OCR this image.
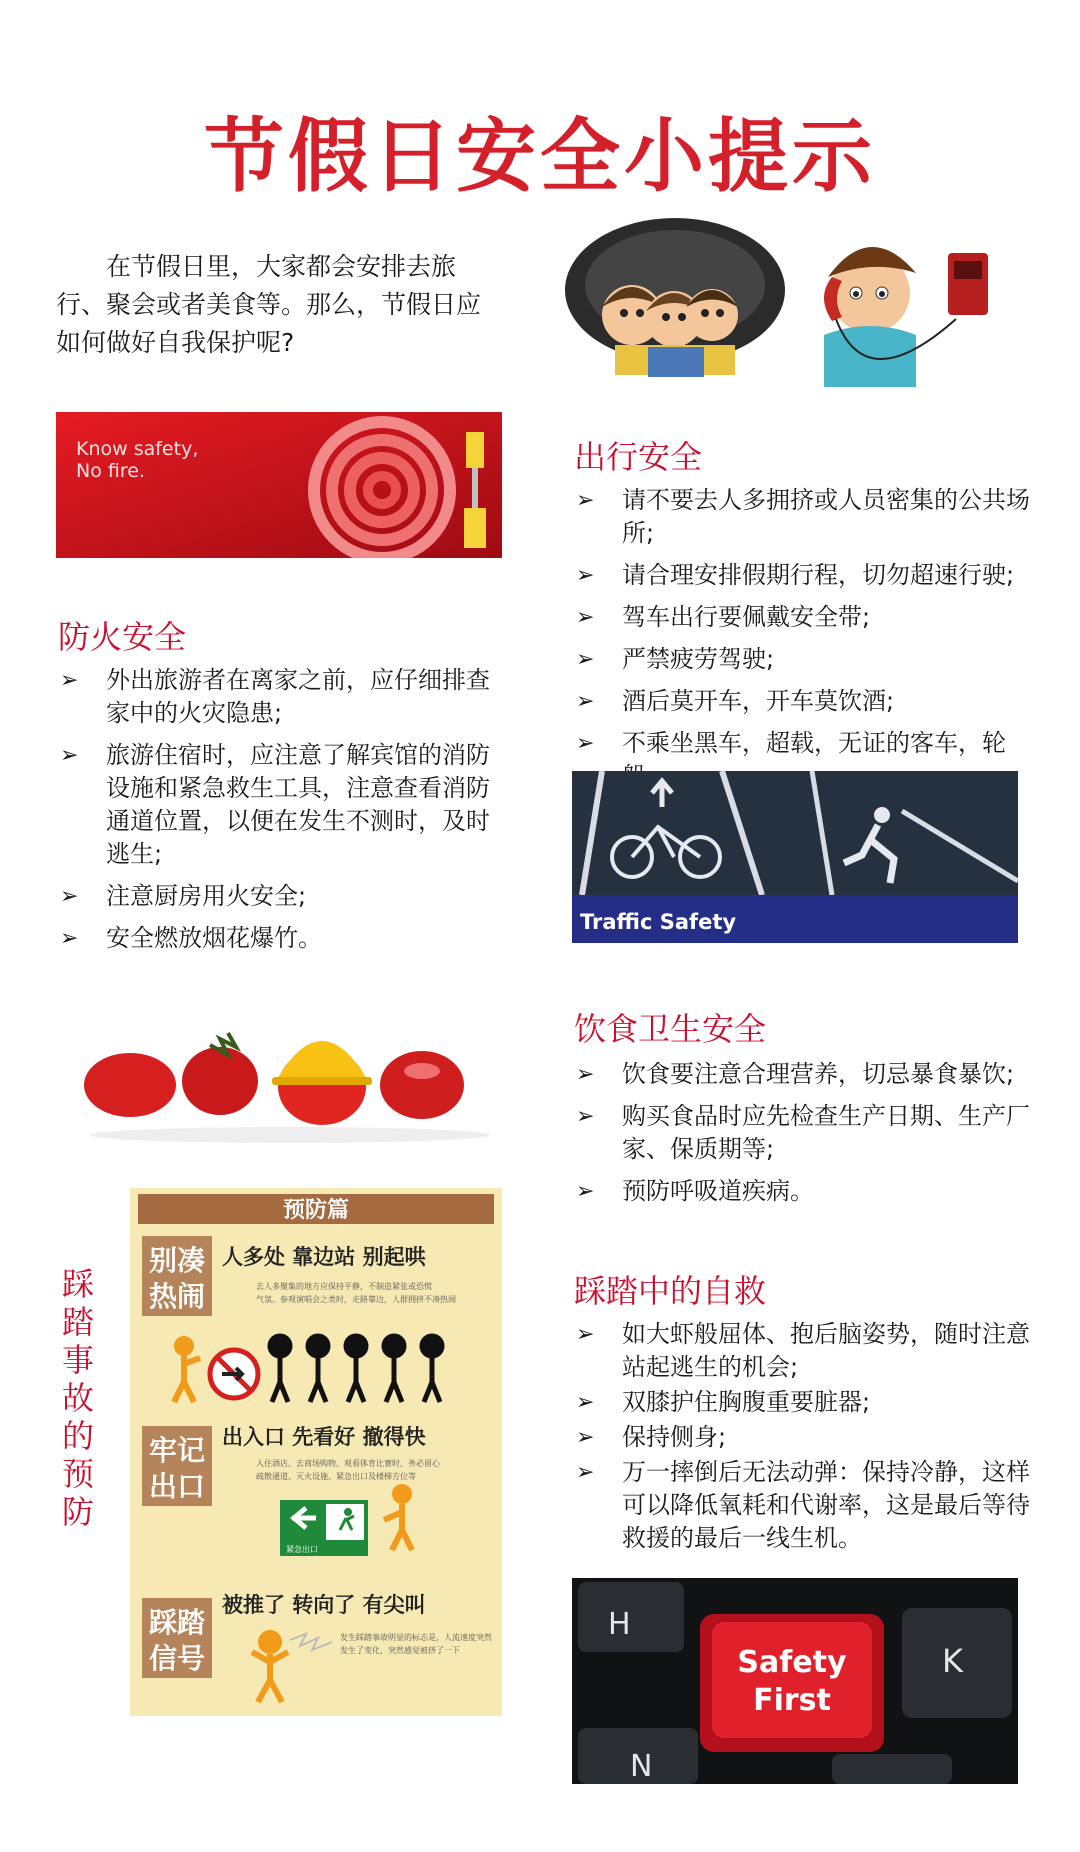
节假日安全小提示
在节假日里，大家都会安排去旅行、聚会或者美食等。那么，节假日应如何做好自我保护呢?
Know safety,
No fire.
防火安全
➢ 外出旅游者在离家之前，应仔细排查家中的火灾隐患;
➢ 旅游住宿时，应注意了解宾馆的消防设施和紧急救生工具，注意查看消防通道位置，以便在发生不测时，及时逃生;
➢ 注意厨房用火安全;
➢ 安全燃放烟花爆竹。
踩踏事故的预防
预防篇
别凑
热闹
人多处 靠边站 别起哄
去人多聚集的地方应保持平静，不制造紧张或恐慌
气氛。参观演唱会之类时，走路靠边，人群拥挤不凑热闹
牢记
出口
出入口 先看好 撤得快
入住酒店、去商场购物、观看体育比赛时，务必留心
疏散通道、灭火设施、紧急出口及楼梯方位等
紧急出口
踩踏
信号
被推了 转向了 有尖叫
发生踩踏事故明显的标志是，人流速度突然
发生了变化，突然感觉被挤了一下
出行安全
➢ 请不要去人多拥挤或人员密集的公共场所;
➢ 请合理安排假期行程，切勿超速行驶;
➢ 驾车出行要佩戴安全带;
➢ 严禁疲劳驾驶;
➢ 酒后莫开车，开车莫饮酒;
➢ 不乘坐黑车，超载，无证的客车，轮
Traffic Safety
饮食卫生安全
➢ 饮食要注意合理营养，切忌暴食暴饮;
➢ 购买食品时应先检查生产日期、生产厂家、保质期等;
➢ 预防呼吸道疾病。
踩踏中的自救
➢ 如大虾般屈体、抱后脑姿势，随时注意站起逃生的机会;
➢ 双膝护住胸腹重要脏器;
➢ 保持侧身;
➢ 万一摔倒后无法动弹：保持冷静，这样可以降低氧耗和代谢率，这是最后等待救援的最后一线生机。
H
K
N
Safety
First
